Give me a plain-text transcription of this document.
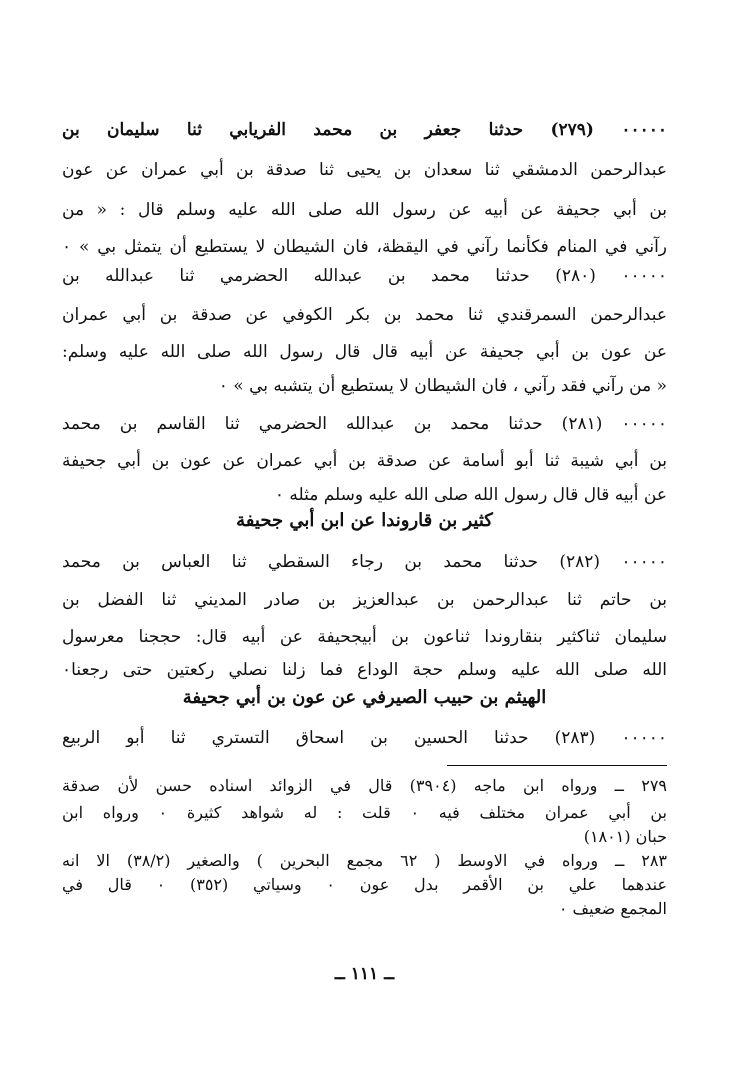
٠٠٠٠٠ (٢٧٩) حدثنا جعفر بن محمد الفريابي ثنا سليمان بن
عبدالرحمن الدمشقي ثنا سعدان بن يحيى ثنا صدقة بن أبي عمران عن عون
بن أبي جحيفة عن أبيه عن رسول الله صلى الله عليه وسلم قال : « من
رآني في المنام فكأنما رآني في اليقظة، فان الشيطان لا يستطيع أن يتمثل بي » ٠
٠٠٠٠٠ (٢٨٠) حدثنا محمد بن عبدالله الحضرمي ثنا عبدالله بن
عبدالرحمن السمرقندي ثنا محمد بن بكر الكوفي عن صدقة بن أبي عمران
عن عون بن أبي جحيفة عن أبيه قال قال رسول الله صلى الله عليه وسلم:
« من رآني فقد رآني ، فان الشيطان لا يستطيع أن يتشبه بي » ٠
٠٠٠٠٠ (٢٨١) حدثنا محمد بن عبدالله الحضرمي ثنا القاسم بن محمد
بن أبي شيبة ثنا أبو أسامة عن صدقة بن أبي عمران عن عون بن أبي جحيفة
عن أبيه قال قال رسول الله صلى الله عليه وسلم مثله ٠
كثير بن قاروندا عن ابن أبي جحيفة
٠٠٠٠٠ (٢٨٢) حدثنا محمد بن رجاء السقطي ثنا العباس بن محمد
بن حاتم ثنا عبدالرحمن بن عبدالعزيز بن صادر المديني ثنا الفضل بن
سليمان ثناكثير بنقاروندا ثناعون بن أبيجحيفة عن أبيه قال: حججنا معرسول
الله صلى الله عليه وسلم حجة الوداع فما زلنا نصلي ركعتين حتى رجعنا٠
الهيثم بن حبيب الصيرفي عن عون بن أبي جحيفة
٠٠٠٠٠ (٢٨٣) حدثنا الحسين بن اسحاق التستري ثنا أبو الربيع
٢٧٩ ــ ورواه ابن ماجه (٣٩٠٤) قال في الزوائد اسناده حسن لأن صدقة
بن أبي عمران مختلف فيه ٠ قلت : له شواهد كثيرة ٠ ورواه ابن
حبان (١٨٠١)
٢٨٣ ــ ورواه في الاوسط ( ٦٢ مجمع البحرين ) والصغير (٣٨/٢) الا انه
عندهما علي بن الأقمر بدل عون ٠ وسياتي (٣٥٢) ٠ قال في
المجمع ضعيف ٠
ــ ١١١ ــ
